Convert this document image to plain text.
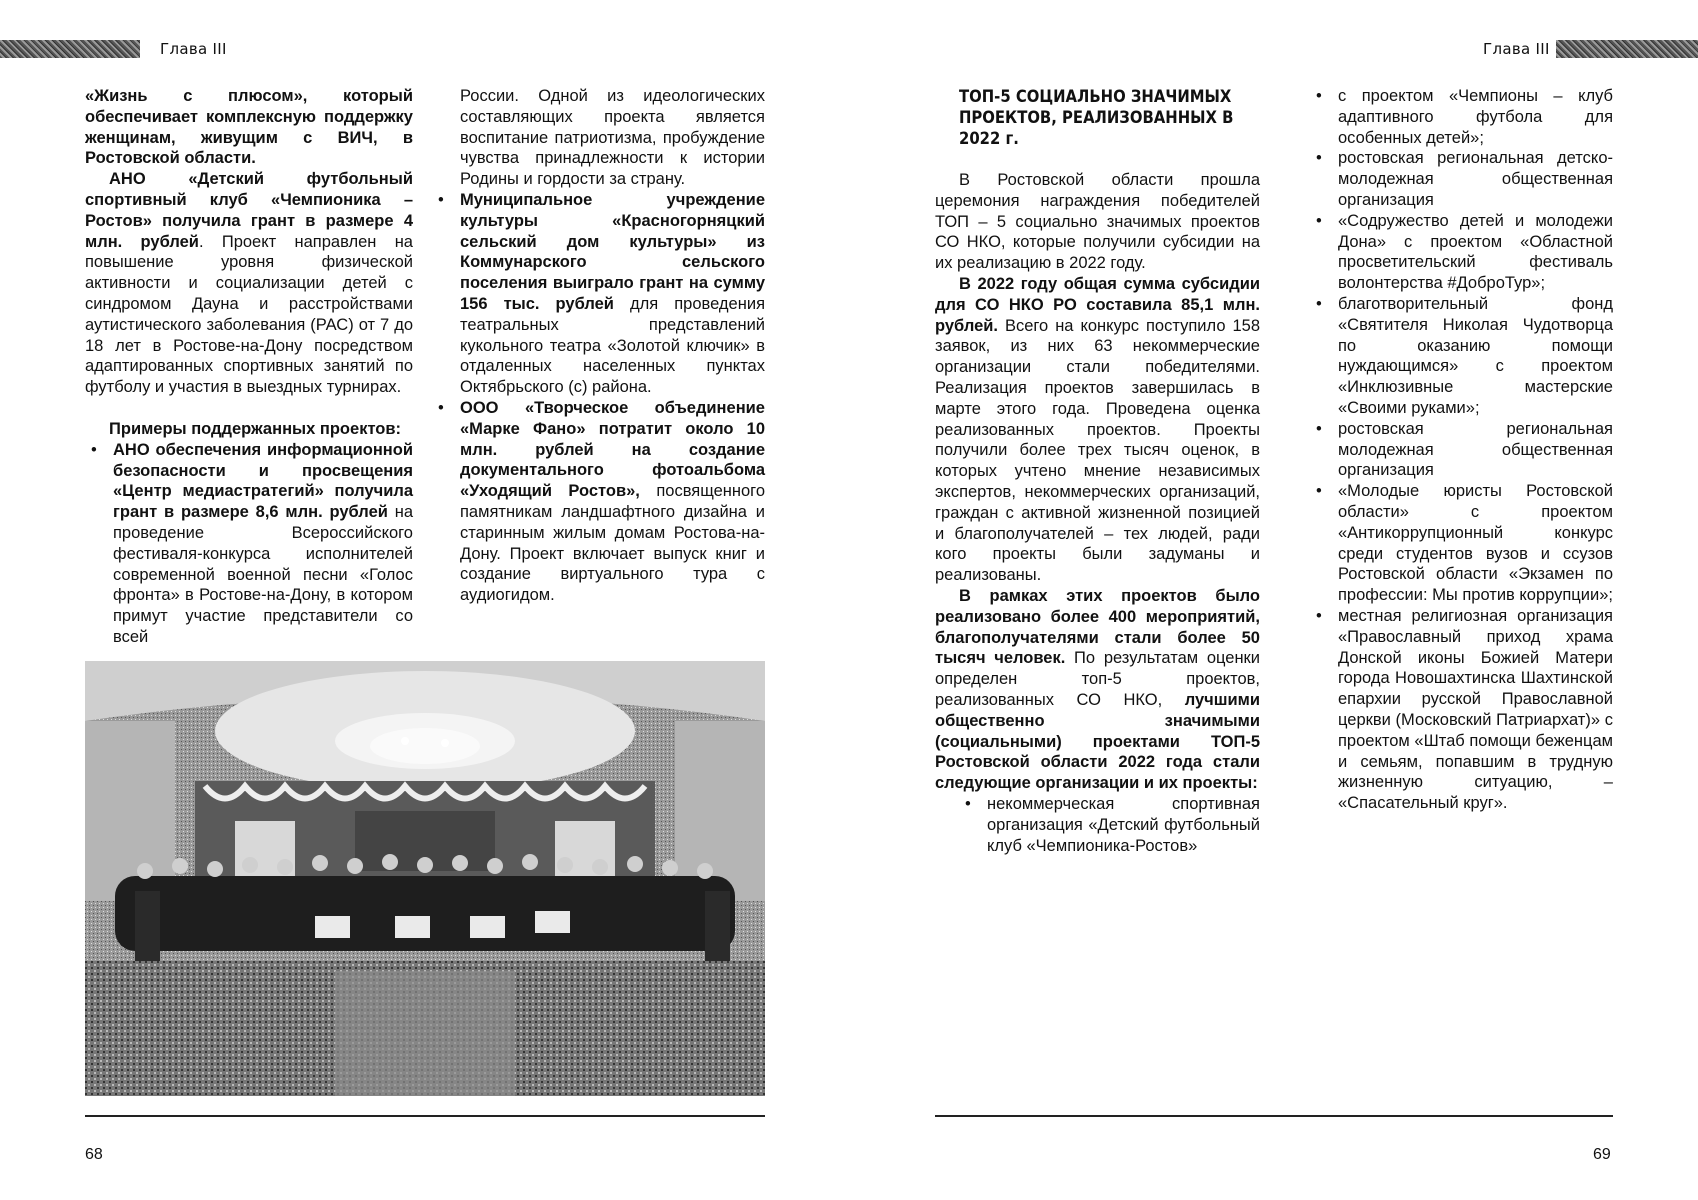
Глава III

«Жизнь с плюсом», который обеспечивает комплексную поддержку женщинам, живущим с ВИЧ, в Ростовской области.

АНО «Детский футбольный спортивный клуб «Чемпионика – Ростов» получила грант в размере 4 млн. рублей. Проект направлен на повышение уровня физической активности и социализации детей с синдромом Дауна и расстройствами аутистического заболевания (РАС) от 7 до 18 лет в Ростове-на-Дону посредством адаптированных спортивных занятий по футболу и участия в выездных турнирах.

Примеры поддержанных проектов:

• АНО обеспечения информационной безопасности и просвещения «Центр медиастратегий» получила грант в размере 8,6 млн. рублей на проведение Всероссийского фестиваля-конкурса исполнителей современной военной песни «Голос фронта» в Ростове-на-Дону, в котором примут участие представители со всей

России. Одной из идеологических составляющих проекта является воспитание патриотизма, пробуждение чувства принадлежности к истории Родины и гордости за страну.

• Муниципальное учреждение культуры «Красногорняцкий сельский дом культуры» из Коммунарского сельского поселения выиграло грант на сумму 156 тыс. рублей для проведения театральных представлений кукольного театра «Золотой ключик» в отдаленных населенных пунктах Октябрьского (с) района.
• ООО «Творческое объединение «Марке Фано» потратит около 10 млн. рублей на создание документального фотоальбома «Уходящий Ростов», посвященного памятникам ландшафтного дизайна и старинным жилым домам Ростова-на-Дону. Проект включает выпуск книг и создание виртуального тура с аудиогидом.
68
Глава III
ТОП-5 СОЦИАЛЬНО ЗНАЧИМЫХ
ПРОЕКТОВ, РЕАЛИЗОВАННЫХ В 2022 г.

В Ростовской области прошла церемония награждения победителей ТОП – 5 социально значимых проектов СО НКО, которые получили субсидии на их реализацию в 2022 году.

В 2022 году общая сумма субсидии для СО НКО РО составила 85,1 млн. рублей. Всего на конкурс поступило 158 заявок, из них 63 некоммерческие организации стали победителями. Реализация проектов завершилась в марте этого года. Проведена оценка реализованных проектов. Проекты получили более трех тысяч оценок, в которых учтено мнение независимых экспертов, некоммерческих организаций, граждан с активной жизненной позицией и благополучателей – тех людей, ради кого проекты были задуманы и реализованы.

В рамках этих проектов было реализовано более 400 мероприятий, благополучателями стали более 50 тысяч человек. По результатам оценки определен топ-5 проектов, реализованных СО НКО, лучшими общественно значимыми (социальными) проектами ТОП-5 Ростовской области 2022 года стали следующие организации и их проекты:

• некоммерческая спортивная организация «Детский футбольный клуб «Чемпионика-Ростов»
• с проектом «Чемпионы – клуб адаптивного футбола для особенных детей»;
• ростовская региональная детско-молодежная общественная организация
• «Содружество детей и молодежи Дона» с проектом «Областной просветительский фестиваль волонтерства #ДоброТур»;
• благотворительный фонд «Святителя Николая Чудотворца по оказанию помощи нуждающимся» с проектом «Инклюзивные мастерские «Своими руками»;
• ростовская региональная молодежная общественная организация
• «Молодые юристы Ростовской области» с проектом «Антикоррупционный конкурс среди студентов вузов и ссузов Ростовской области «Экзамен по профессии: Мы против коррупции»;
• местная религиозная организация «Православный приход храма Донской иконы Божией Матери города Новошахтинска Шахтинской епархии русской Православной церкви (Московский Патриархат)» с проектом «Штаб помощи беженцам и семьям, попавшим в трудную жизненную ситуацию, – «Спасательный круг».
69
